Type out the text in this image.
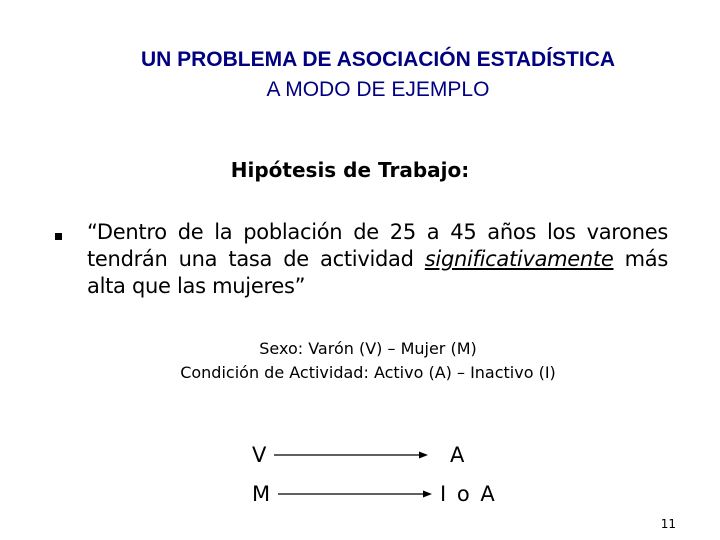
UN PROBLEMA DE ASOCIACIÓN ESTADÍSTICA
A MODO DE EJEMPLO
Hipótesis de Trabajo:
“Dentro de la población de 25 a 45 años los varones tendrán una tasa de actividad significativamente más alta que las mujeres”
Sexo: Varón (V) – Mujer (M)
Condición de Actividad: Activo (A) – Inactivo (I)
V	A
M	I o A
11
